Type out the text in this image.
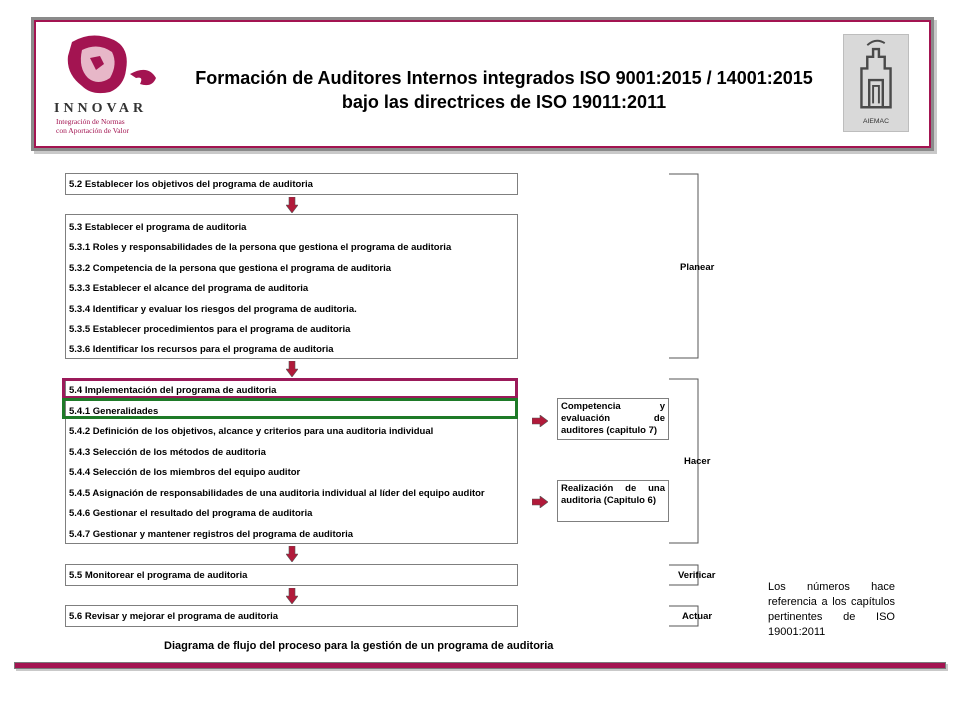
INNOVAR
Integración de Normas
con Aportación de Valor
Formación de Auditores Internos integrados ISO 9001:2015 / 14001:2015 bajo las directrices de ISO 19011:2011
AIEMAC
5.2 Establecer los objetivos del programa de auditoria
5.3 Establecer el programa de auditoria
5.3.1 Roles y responsabilidades de la persona que gestiona el programa de auditoria
5.3.2 Competencia de la persona que gestiona el programa de auditoria
5.3.3 Establecer el alcance del programa de auditoria
5.3.4 Identificar y evaluar los riesgos del programa de auditoria.
5.3.5 Establecer procedimientos para el programa de auditoria
5.3.6 Identificar los recursos para el programa de auditoria
5.4 Implementación del programa de auditoria
5.4.1 Generalidades
5.4.2 Definición de los objetivos, alcance y criterios para una auditoria individual
5.4.3 Selección de los métodos de auditoria
5.4.4 Selección de los miembros del equipo auditor
5.4.5 Asignación de responsabilidades de una auditoria individual al líder del equipo auditor
5.4.6 Gestionar el resultado del programa de auditoria
5.4.7 Gestionar y mantener registros del programa de auditoria
5.5 Monitorear el programa de auditoria
5.6 Revisar y mejorar el programa de auditoria
Competencia y evaluación de auditores (capitulo 7)
Realización de una auditoria (Capitulo 6)
Planear
Hacer
Verificar
Actuar
Los números hace referencia a los capítulos pertinentes de ISO 19001:2011
Diagrama de flujo del proceso para la gestión de un programa de auditoria
